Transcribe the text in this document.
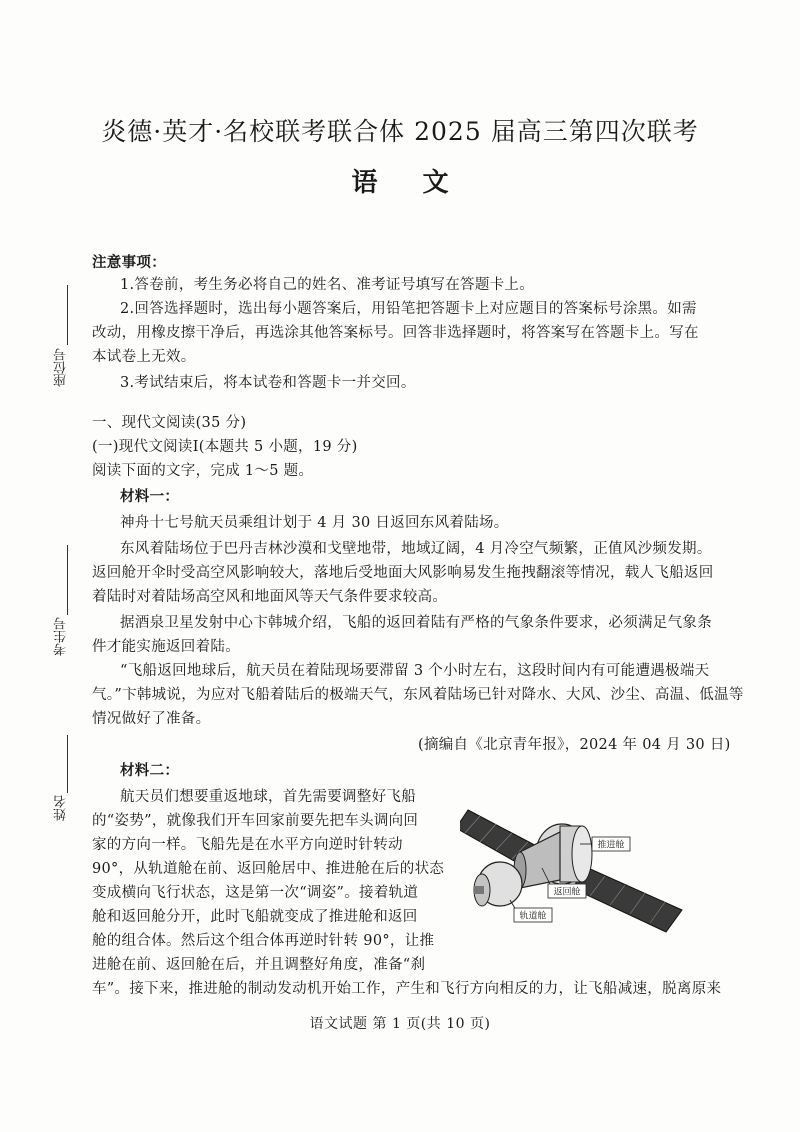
炎德·英才·名校联考联合体 2025 届高三第四次联考
语 文
座位号
考生号
姓名
注意事项：
1.答卷前，考生务必将自己的姓名、准考证号填写在答题卡上。
2.回答选择题时，选出每小题答案后，用铅笔把答题卡上对应题目的答案标号涂黑。如需
改动，用橡皮擦干净后，再选涂其他答案标号。回答非选择题时，将答案写在答题卡上。写在
本试卷上无效。
3.考试结束后，将本试卷和答题卡一并交回。
一、现代文阅读(35 分)
(一)现代文阅读Ⅰ(本题共 5 小题，19 分)
阅读下面的文字，完成 1～5 题。
材料一：
神舟十七号航天员乘组计划于 4 月 30 日返回东风着陆场。
东风着陆场位于巴丹吉林沙漠和戈壁地带，地域辽阔，4 月冷空气频繁，正值风沙频发期。
返回舱开伞时受高空风影响较大，落地后受地面大风影响易发生拖拽翻滚等情况，载人飞船返回
着陆时对着陆场高空风和地面风等天气条件要求较高。
据酒泉卫星发射中心卞韩城介绍，飞船的返回着陆有严格的气象条件要求，必须满足气象条
件才能实施返回着陆。
“飞船返回地球后，航天员在着陆现场要滞留 3 个小时左右，这段时间内有可能遭遇极端天
气。”卞韩城说，为应对飞船着陆后的极端天气，东风着陆场已针对降水、大风、沙尘、高温、低温等
情况做好了准备。
(摘编自《北京青年报》，2024 年 04 月 30 日)
材料二：
航天员们想要重返地球，首先需要调整好飞船
的“姿势”，就像我们开车回家前要先把车头调向回
家的方向一样。飞船先是在水平方向逆时针转动
90°，从轨道舱在前、返回舱居中、推进舱在后的状态
变成横向飞行状态，这是第一次“调姿”。接着轨道
舱和返回舱分开，此时飞船就变成了推进舱和返回
舱的组合体。然后这个组合体再逆时针转 90°，让推
进舱在前、返回舱在后，并且调整好角度，准备“刹
车”。接下来，推进舱的制动发动机开始工作，产生和飞行方向相反的力，让飞船减速，脱离原来
推进舱
返回舱
轨道舱
语文试题 第 1 页(共 10 页)
